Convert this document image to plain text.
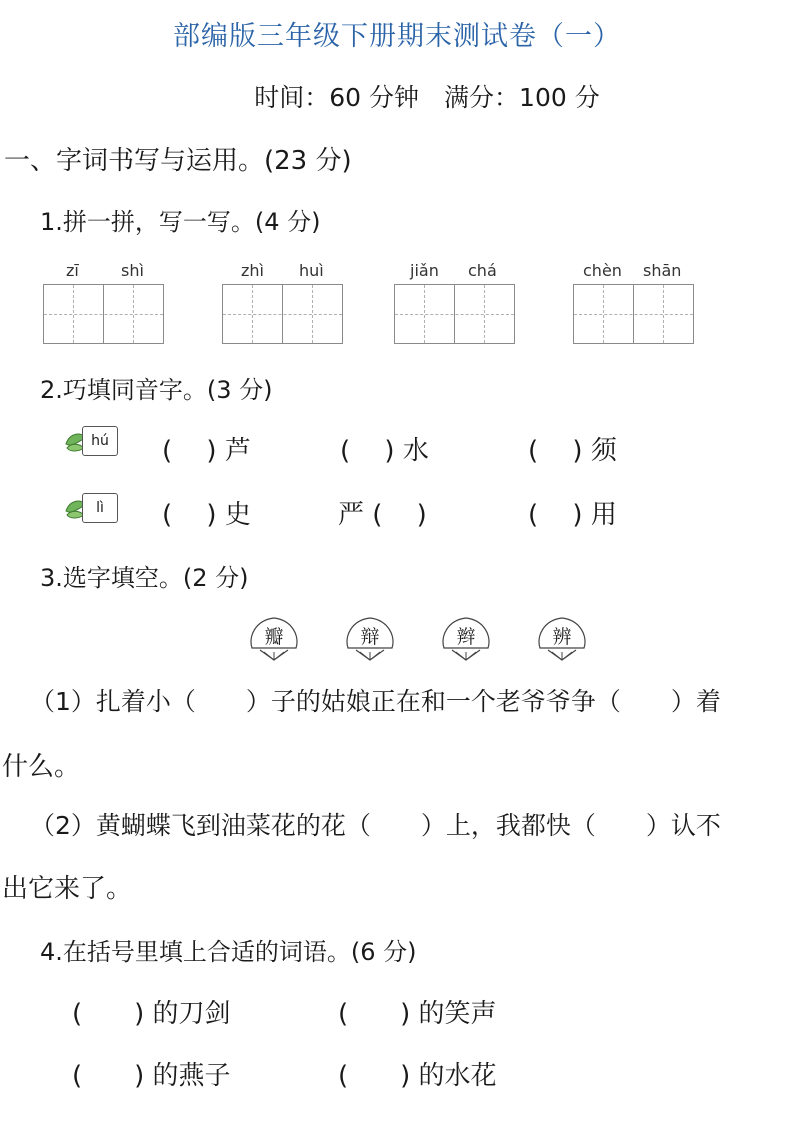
部编版三年级下册期末测试卷（一）
时间：60 分钟　满分：100 分
一、字词书写与运用。(23 分)
1.拼一拼，写一写。(4 分)
zī	shì	zhì huì	jiǎn chá	chèn shān
2.巧填同音字。(3 分)
hú	(　 ) 芦	(　 ) 水	(　 ) 须
lì	(　 ) 史	严 (　 )	(　 ) 用
3.选字填空。(2 分)
瓣	辩	辫	辨
（1）扎着小（　　）子的姑娘正在和一个老爷爷争（　　）着
什么。
（2）黄蝴蝶飞到油菜花的花（　　）上，我都快（　　）认不
出它来了。
4.在括号里填上合适的词语。(6 分)
(　　) 的刀剑	(　　) 的笑声
(　　) 的燕子	(　　) 的水花
